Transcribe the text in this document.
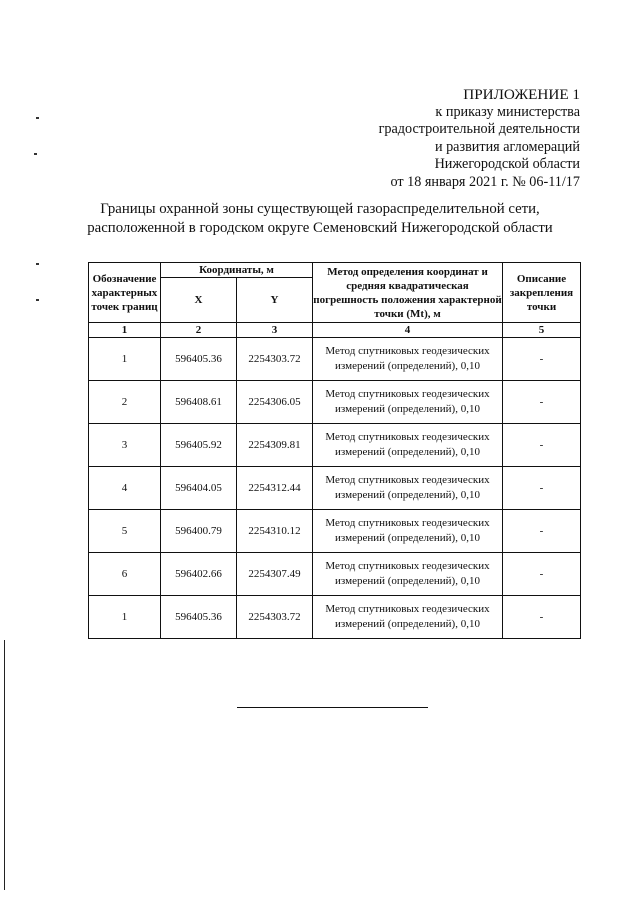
ПРИЛОЖЕНИЕ 1
к приказу министерства
градостроительной деятельности
и развития агломераций
Нижегородской области
от 18 января 2021 г. № 06-11/17
Границы охранной зоны существующей газораспределительной сети,
расположенной в городском округе Семеновский Нижегородской области
Обозначение характерных точек границ	Координаты, м		Метод определения координат и средняя квадратическая погрешность положения характерной точки (Mt), м	Описание закрепления точки
	X	Y		
1	2	3	4	5
1	596405.36	2254303.72	Метод спутниковых геодезических измерений (определений), 0,10	-
2	596408.61	2254306.05	Метод спутниковых геодезических измерений (определений), 0,10	-
3	596405.92	2254309.81	Метод спутниковых геодезических измерений (определений), 0,10	-
4	596404.05	2254312.44	Метод спутниковых геодезических измерений (определений), 0,10	-
5	596400.79	2254310.12	Метод спутниковых геодезических измерений (определений), 0,10	-
6	596402.66	2254307.49	Метод спутниковых геодезических измерений (определений), 0,10	-
1	596405.36	2254303.72	Метод спутниковых геодезических измерений (определений), 0,10	-
